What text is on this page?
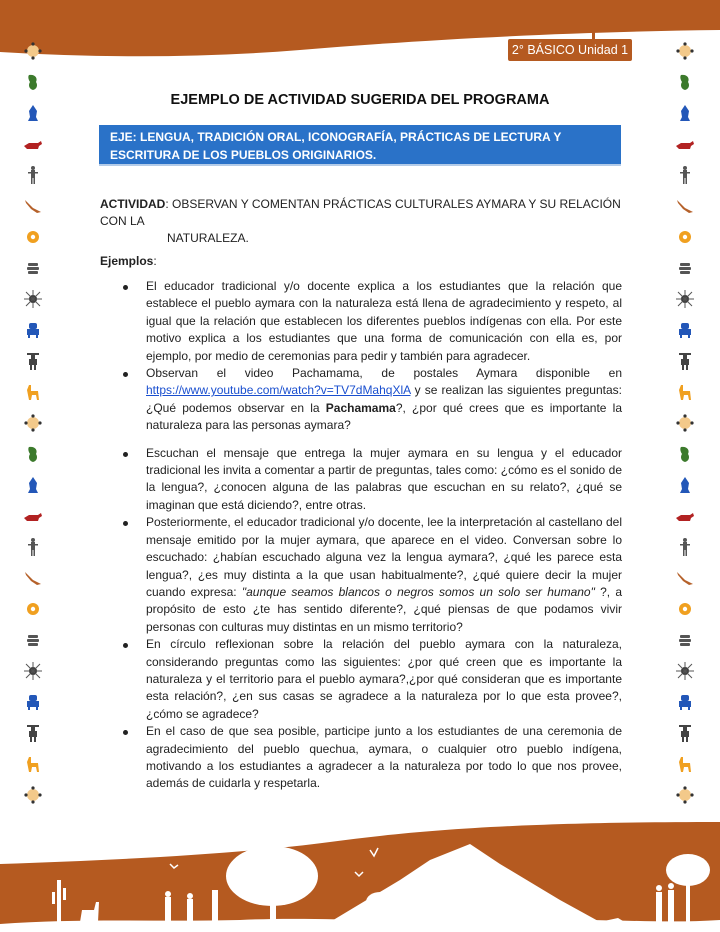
2° BÁSICO Unidad 1
EJEMPLO DE ACTIVIDAD SUGERIDA DEL PROGRAMA
EJE: LENGUA, TRADICIÓN ORAL, ICONOGRAFÍA, PRÁCTICAS DE LECTURA Y ESCRITURA DE LOS PUEBLOS ORIGINARIOS.
ACTIVIDAD: OBSERVAN Y COMENTAN PRÁCTICAS CULTURALES AYMARA Y SU RELACIÓN CON LA
NATURALEZA.
Ejemplos:
El educador tradicional y/o docente explica a los estudiantes que la relación que establece el pueblo aymara con la naturaleza está llena de agradecimiento y respeto, al igual que la relación que establecen los diferentes pueblos indígenas con ella. Por este motivo explica a los estudiantes que una forma de comunicación con ella es, por ejemplo, por medio de ceremonias para pedir y también para agradecer.
Observan el video Pachamama, de postales Aymara disponible en https://www.youtube.com/watch?v=TV7dMahqXlA y se realizan las siguientes preguntas: ¿Qué podemos observar en la Pachamama?, ¿por qué crees que es importante la naturaleza para las personas aymara?
Escuchan el mensaje que entrega la mujer aymara en su lengua y el educador tradicional les invita a comentar a partir de preguntas, tales como: ¿cómo es el sonido de la lengua?, ¿conocen alguna de las palabras que escuchan en su relato?, ¿qué se imaginan que está diciendo?, entre otras.
Posteriormente, el educador tradicional y/o docente, lee la interpretación al castellano del mensaje emitido por la mujer aymara, que aparece en el video. Conversan sobre lo escuchado: ¿habían escuchado alguna vez la lengua aymara?, ¿qué les parece esta lengua?, ¿es muy distinta a la que usan habitualmente?, ¿qué quiere decir la mujer cuando expresa: "aunque seamos blancos o negros somos un solo ser humano" ?, a propósito de esto ¿te has sentido diferente?, ¿qué piensas de que podamos vivir personas con culturas muy distintas en un mismo territorio?
En círculo reflexionan sobre la relación del pueblo aymara con la naturaleza, considerando preguntas como las siguientes: ¿por qué creen que es importante la naturaleza y el territorio para el pueblo aymara?,¿por qué consideran que es importante esta relación?, ¿en sus casas se agradece a la naturaleza por lo que esta provee?, ¿cómo se agradece?
En el caso de que sea posible, participe junto a los estudiantes de una ceremonia de agradecimiento del pueblo quechua, aymara, o cualquier otro pueblo indígena, motivando a los estudiantes a agradecer a la naturaleza por todo lo que nos provee, además de cuidarla y respetarla.
